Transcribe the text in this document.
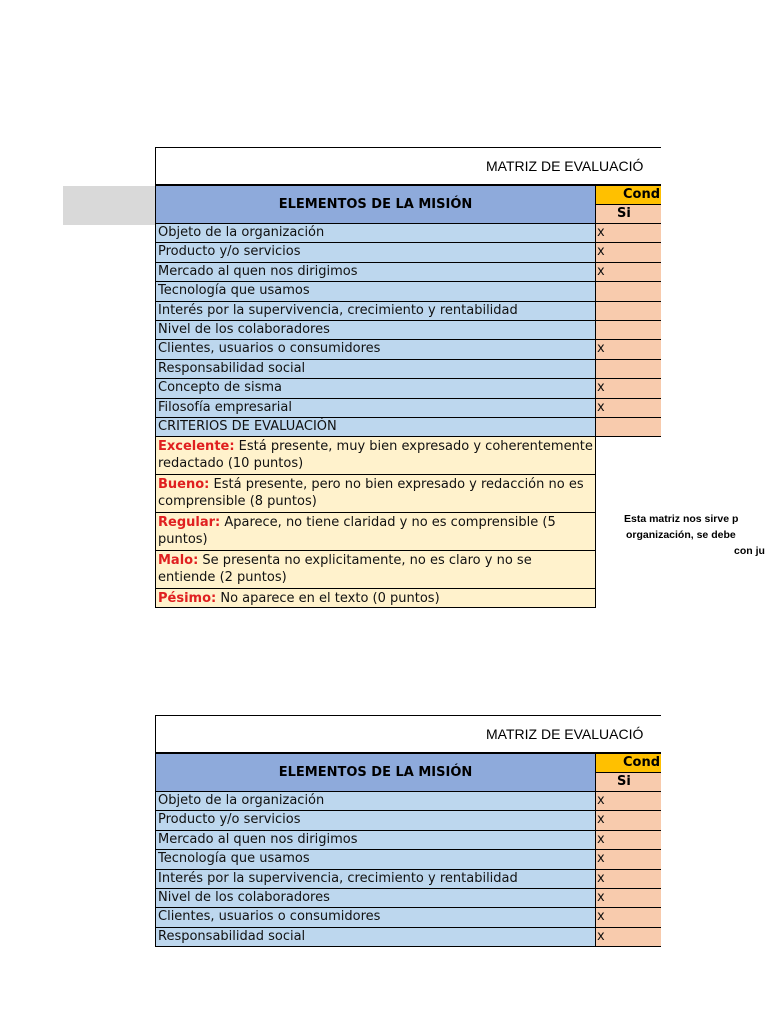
MATRIZ DE EVALUACIÓ
ELEMENTOS DE LA MISIÓN
Cond
Si
Objeto de la organización	x
Producto y/o servicios	x
Mercado al quen nos dirigimos	x
Tecnología que usamos
Interés por la supervivencia, crecimiento y rentabilidad
Nivel de los colaboradores
Clientes, usuarios o consumidores	x
Responsabilidad social
Concepto de sisma	x
Filosofía empresarial	x
CRITERIOS DE EVALUACIÓN
Excelente: Está presente, muy bien expresado y coherentemente redactado (10 puntos)
Bueno: Está presente, pero no bien expresado y redacción no es comprensible (8 puntos)
Regular: Aparece, no tiene claridad y no es comprensible (5 puntos)
Malo: Se presenta no explicitamente, no es claro y no se entiende (2 puntos)
Pésimo: No aparece en el texto (0 puntos)
Esta matriz nos sirve p
organización, se debe
con ju
MATRIZ DE EVALUACIÓ
ELEMENTOS DE LA MISIÓN
Cond
Si
Objeto de la organización	x
Producto y/o servicios	x
Mercado al quen nos dirigimos	x
Tecnología que usamos	x
Interés por la supervivencia, crecimiento y rentabilidad	x
Nivel de los colaboradores	x
Clientes, usuarios o consumidores	x
Responsabilidad social	x
